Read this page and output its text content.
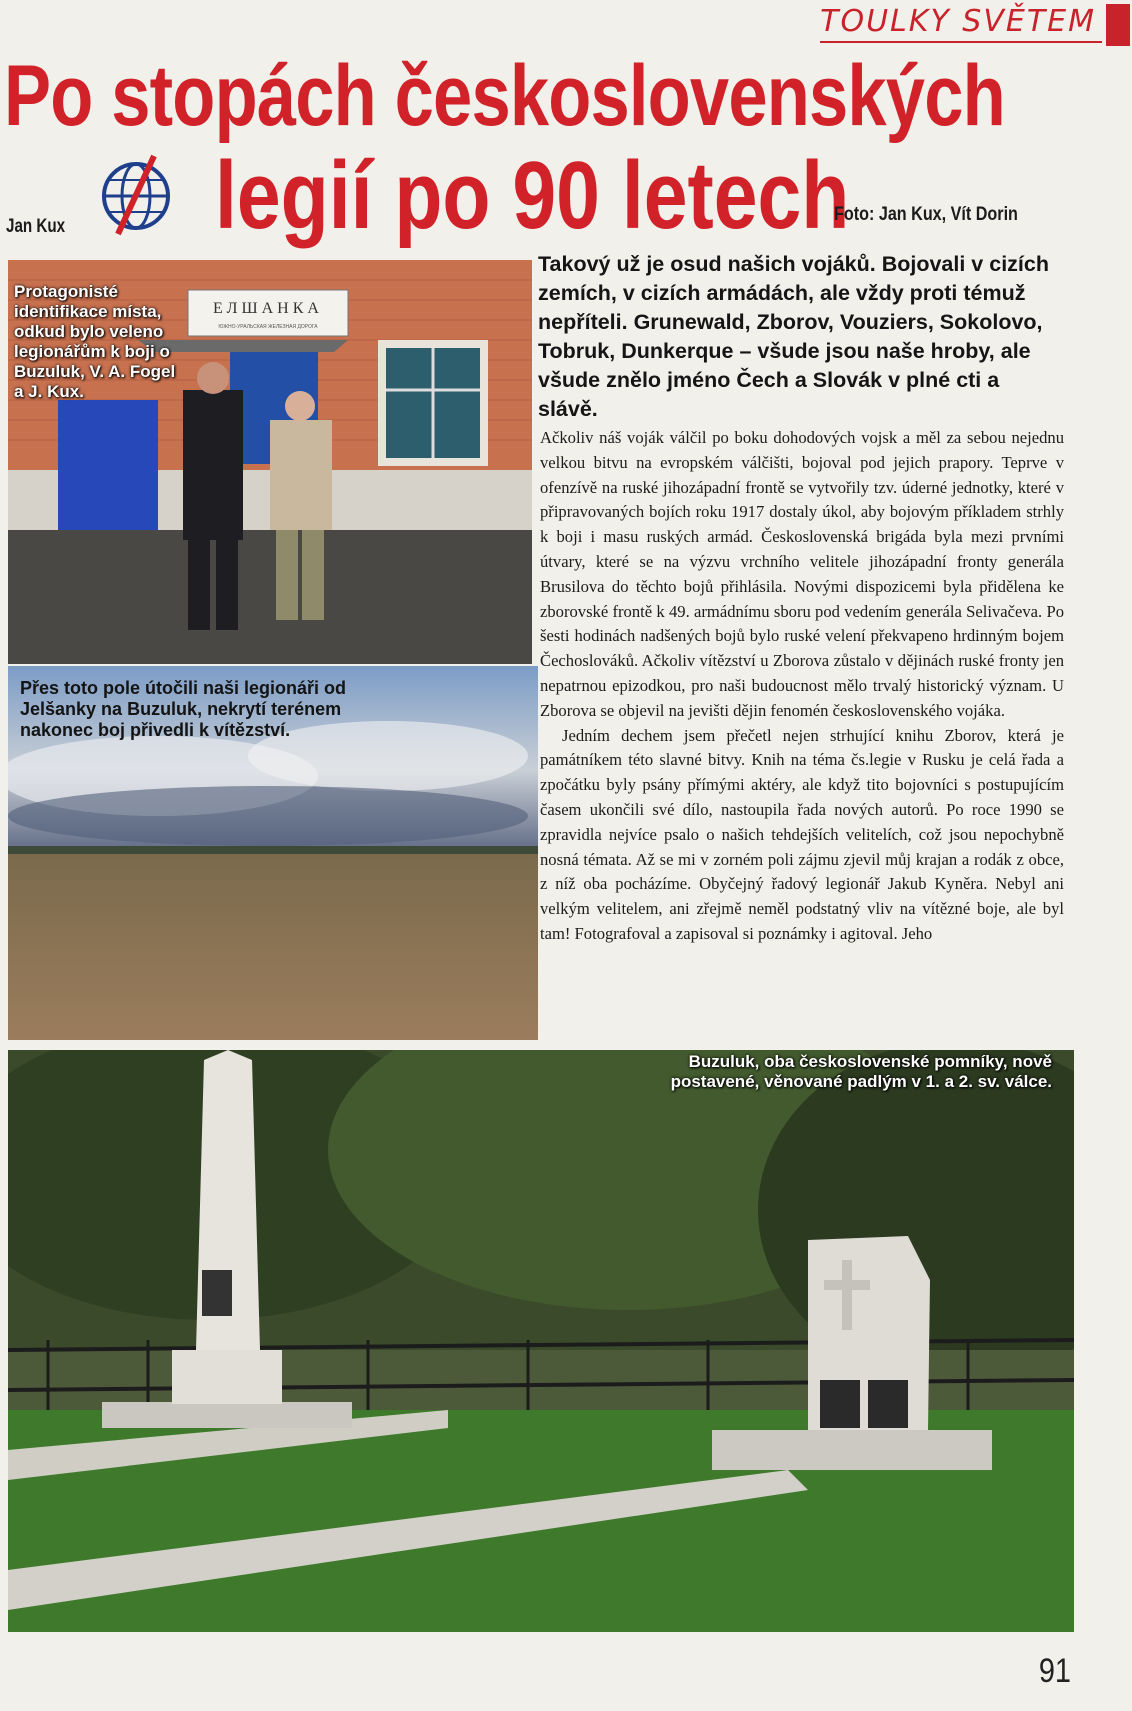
TOULKY SVĚTEM
Po stopách československých
legií po 90 letech
Jan Kux
Foto: Jan Kux, Vít Dorin
ЕЛШАНКА
ЮЖНО-УРАЛЬСКАЯ ЖЕЛЕЗНАЯ ДОРОГА
Protagonisté identifikace místa, odkud bylo veleno legionářům k boji o Buzuluk, V. A. Fogel a J. Kux.
Přes toto pole útočili naši legionáři od Jelšanky na Buzuluk, nekrytí terénem nakonec boj přivedli k vítězství.
Takový už je osud našich vojáků. Bojovali v cizích zemích, v cizích armádách, ale vždy proti témuž nepříteli. Grunewald, Zborov, Vouziers, Sokolovo, Tobruk, Dunkerque – všude jsou naše hroby, ale všude znělo jméno Čech a Slovák v plné cti a slávě.

Ačkoliv náš voják válčil po boku dohodových vojsk a měl za sebou nejednu velkou bitvu na evropském válčišti, bojoval pod jejich prapory. Teprve v ofenzívě na ruské jihozápadní frontě se vytvořily tzv. úderné jednotky, které v připravovaných bojích roku 1917 dostaly úkol, aby bojovým příkladem strhly k boji i masu ruských armád. Československá brigáda byla mezi prvními útvary, které se na výzvu vrchního velitele jihozápadní fronty generála Brusilova do těchto bojů přihlásila. Novými dispozicemi byla přidělena ke zborovské frontě k 49. armádnímu sboru pod vedením generála Selivačeva. Po šesti hodinách nadšených bojů bylo ruské velení překvapeno hrdinným bojem Čechoslováků. Ačkoliv vítězství u Zborova zůstalo v dějinách ruské fronty jen nepatrnou epizodkou, pro naši budoucnost mělo trvalý historický význam. U Zborova se objevil na jevišti dějin fenomén československého vojáka.

Jedním dechem jsem přečetl nejen strhující knihu Zborov, která je památníkem této slavné bitvy. Knih na téma čs.legie v Rusku je celá řada a zpočátku byly psány přímými aktéry, ale když tito bojovníci s postupujícím časem ukončili své dílo, nastoupila řada nových autorů. Po roce 1990 se zpravidla nejvíce psalo o našich tehdejších velitelích, což jsou nepochybně nosná témata. Až se mi v zorném poli zájmu zjevil můj krajan a rodák z obce, z níž oba pocházíme. Obyčejný řadový legionář Jakub Kyněra. Nebyl ani velkým velitelem, ani zřejmě neměl podstatný vliv na vítězné boje, ale byl tam! Fotografoval a zapisoval si poznámky i agitoval. Jeho

Buzuluk, oba československé pomníky, nově postavené, věnované padlým v 1. a 2. sv. válce.
91
